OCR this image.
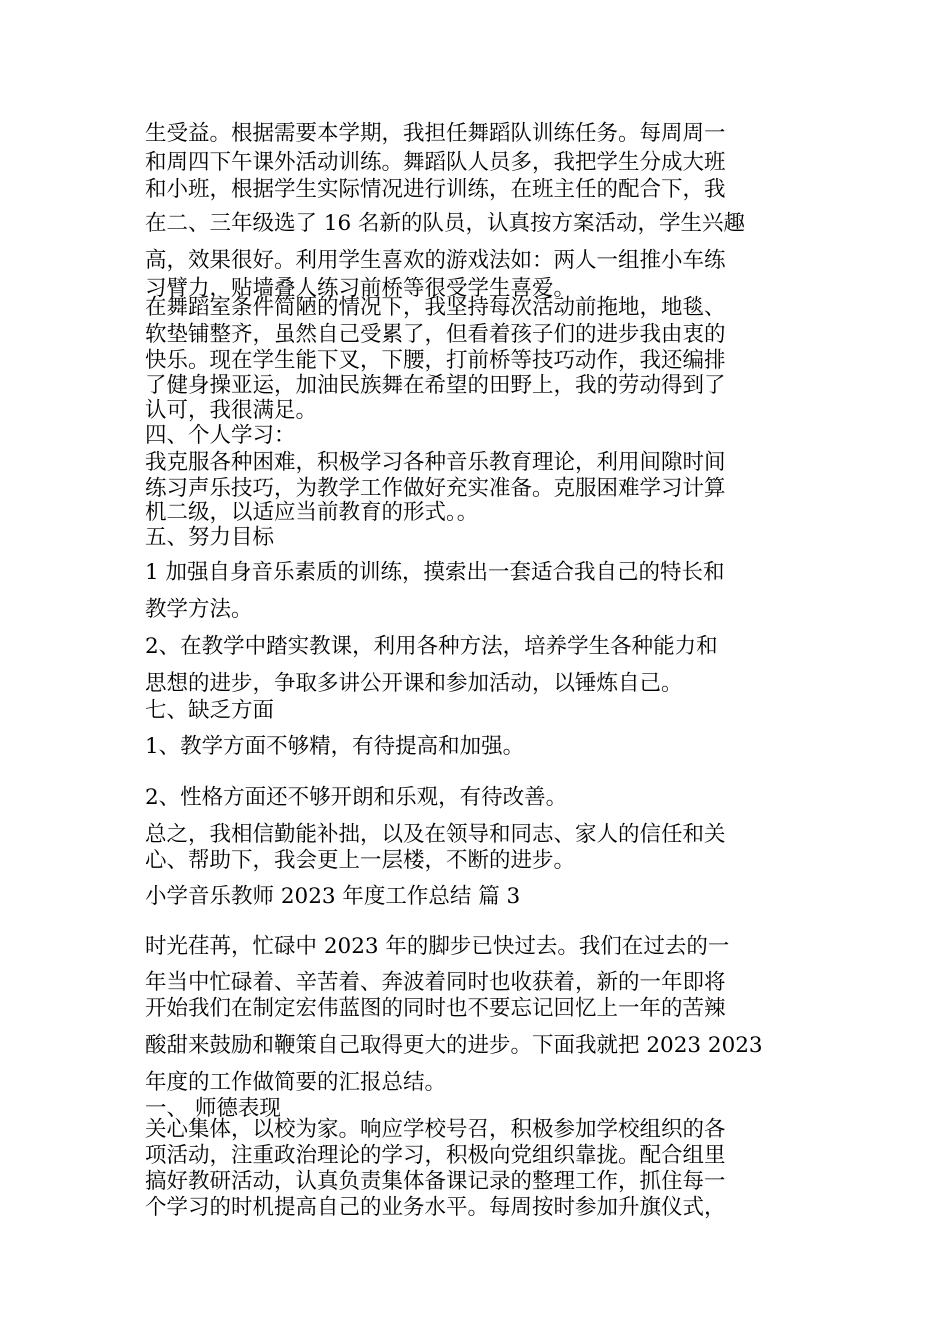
生受益。根据需要本学期，我担任舞蹈队训练任务。每周周一
和周四下午课外活动训练。舞蹈队人员多，我把学生分成大班
和小班，根据学生实际情况进行训练，在班主任的配合下，我
在二、三年级选了 16 名新的队员，认真按方案活动，学生兴趣
高，效果很好。利用学生喜欢的游戏法如：两人一组推小车练
习臂力，贴墙叠人练习前桥等很受学生喜爱。
在舞蹈室条件简陋的情况下，我坚持每次活动前拖地，地毯、
软垫铺整齐，虽然自己受累了，但看着孩子们的进步我由衷的
快乐。现在学生能下叉，下腰，打前桥等技巧动作，我还编排
了健身操亚运，加油民族舞在希望的田野上，我的劳动得到了
认可，我很满足。
四、个人学习：
我克服各种困难，积极学习各种音乐教育理论，利用间隙时间
练习声乐技巧，为教学工作做好充实准备。克服困难学习计算
机二级，以适应当前教育的形式。。
五、努力目标
1 加强自身音乐素质的训练，摸索出一套适合我自己的特长和
教学方法。
2、在教学中踏实教课，利用各种方法，培养学生各种能力和
思想的进步，争取多讲公开课和参加活动，以锤炼自己。
七、缺乏方面
1、教学方面不够精，有待提高和加强。
2、性格方面还不够开朗和乐观，有待改善。
总之，我相信勤能补拙，以及在领导和同志、家人的信任和关
心、帮助下，我会更上一层楼，不断的进步。
小学音乐教师 2023 年度工作总结 篇 3
时光荏苒，忙碌中 2023 年的脚步已快过去。我们在过去的一
年当中忙碌着、辛苦着、奔波着同时也收获着，新的一年即将
开始我们在制定宏伟蓝图的同时也不要忘记回忆上一年的苦辣
酸甜来鼓励和鞭策自己取得更大的进步。下面我就把 2023 2023
年度的工作做简要的汇报总结。
一、 师德表现
关心集体，以校为家。响应学校号召，积极参加学校组织的各
项活动，注重政治理论的学习，积极向党组织靠拢。配合组里
搞好教研活动，认真负责集体备课记录的整理工作，抓住每一
个学习的时机提高自己的业务水平。每周按时参加升旗仪式，
